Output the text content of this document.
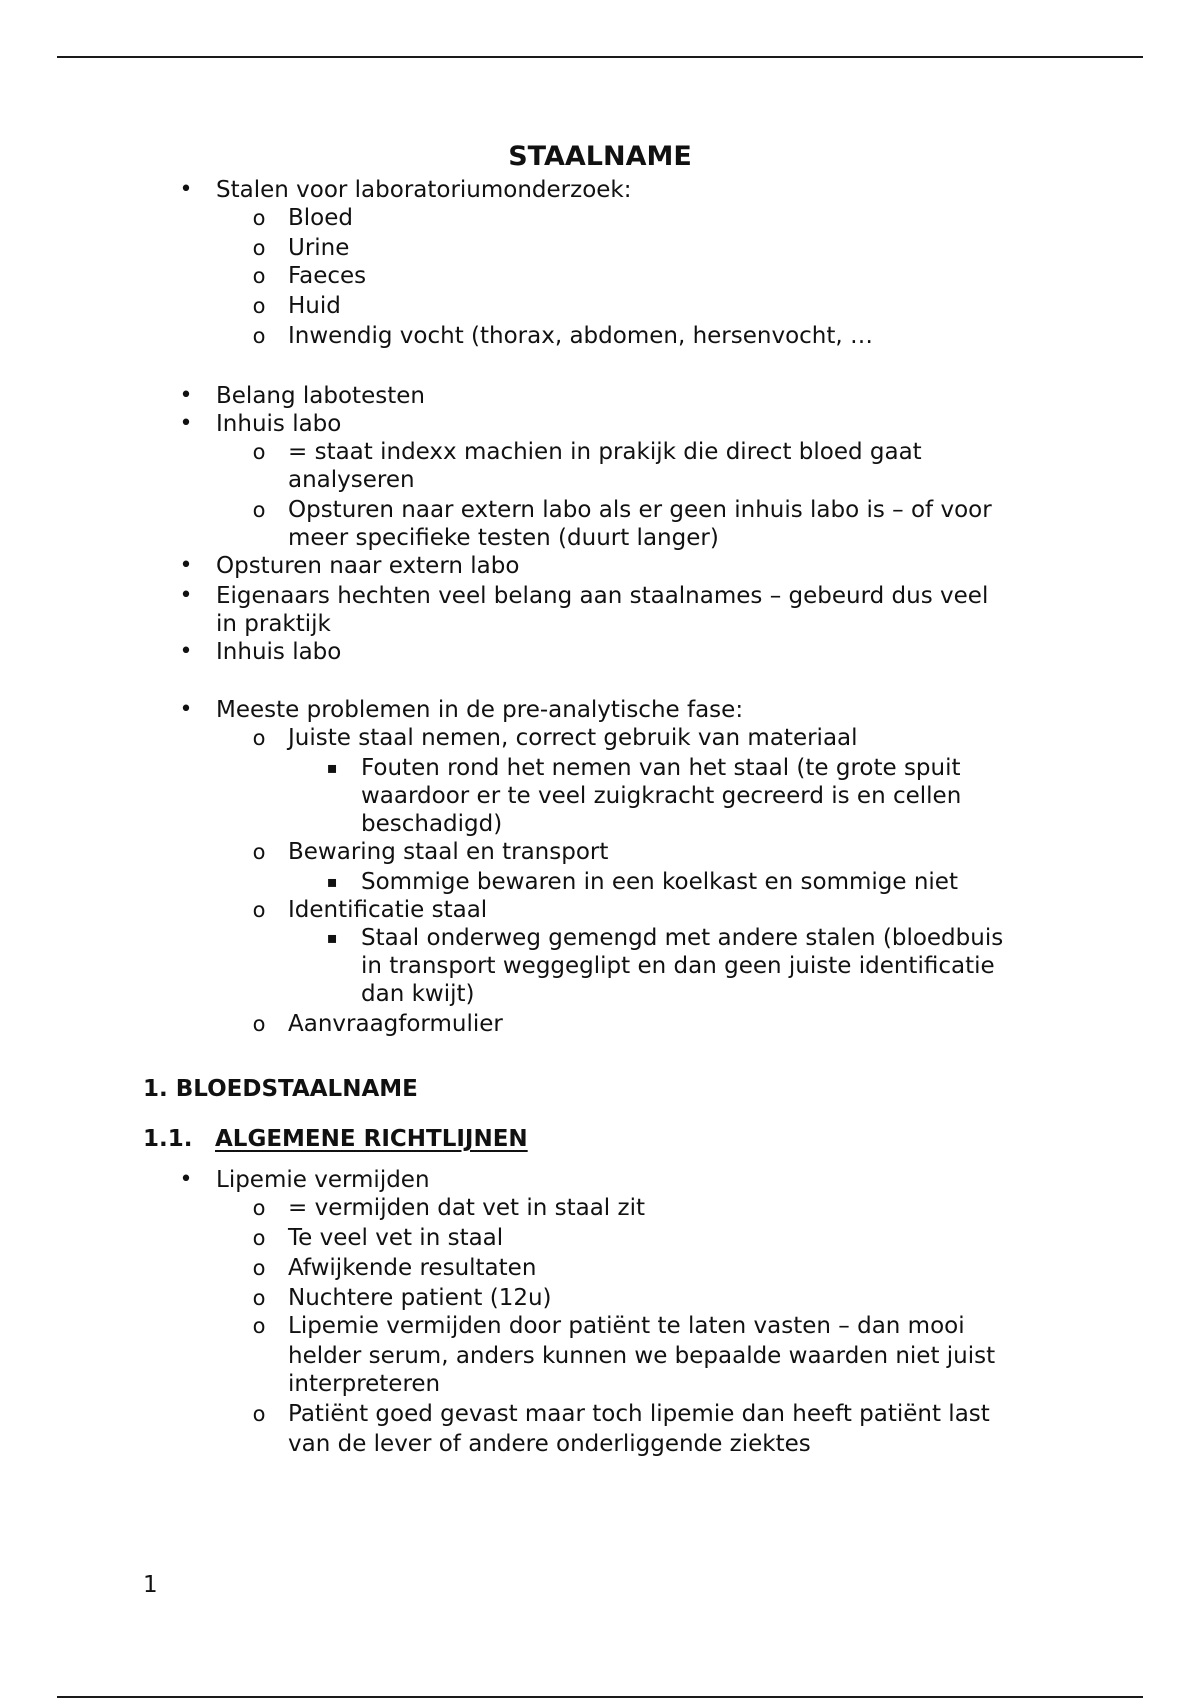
STAALNAME
• Stalen voor laboratoriumonderzoek:

o Bloed

o Urine

o Faeces

o Huid

o Inwendig vocht (thorax, abdomen, hersenvocht, …

• Belang labotesten

• Inhuis labo

o = staat indexx machien in prakijk die direct bloed gaat

analyseren

o Opsturen naar extern labo als er geen inhuis labo is – of voor

meer specifieke testen (duurt langer)

• Opsturen naar extern labo

• Eigenaars hechten veel belang aan staalnames – gebeurd dus veel

in praktijk

• Inhuis labo

• Meeste problemen in de pre-analytische fase:

o Juiste staal nemen, correct gebruik van materiaal

▪ Fouten rond het nemen van het staal (te grote spuit

waardoor er te veel zuigkracht gecreerd is en cellen

beschadigd)

o Bewaring staal en transport

▪ Sommige bewaren in een koelkast en sommige niet

o Identificatie staal

▪ Staal onderweg gemengd met andere stalen (bloedbuis

in transport weggeglipt en dan geen juiste identificatie

dan kwijt)

o Aanvraagformulier

1. BLOEDSTAALNAME
1.1. ALGEMENE RICHTLIJNEN
• Lipemie vermijden

o = vermijden dat vet in staal zit

o Te veel vet in staal

o Afwijkende resultaten

o Nuchtere patient (12u)

o Lipemie vermijden door patiënt te laten vasten – dan mooi

helder serum, anders kunnen we bepaalde waarden niet juist

interpreteren

o Patiënt goed gevast maar toch lipemie dan heeft patiënt last

van de lever of andere onderliggende ziektes

1
